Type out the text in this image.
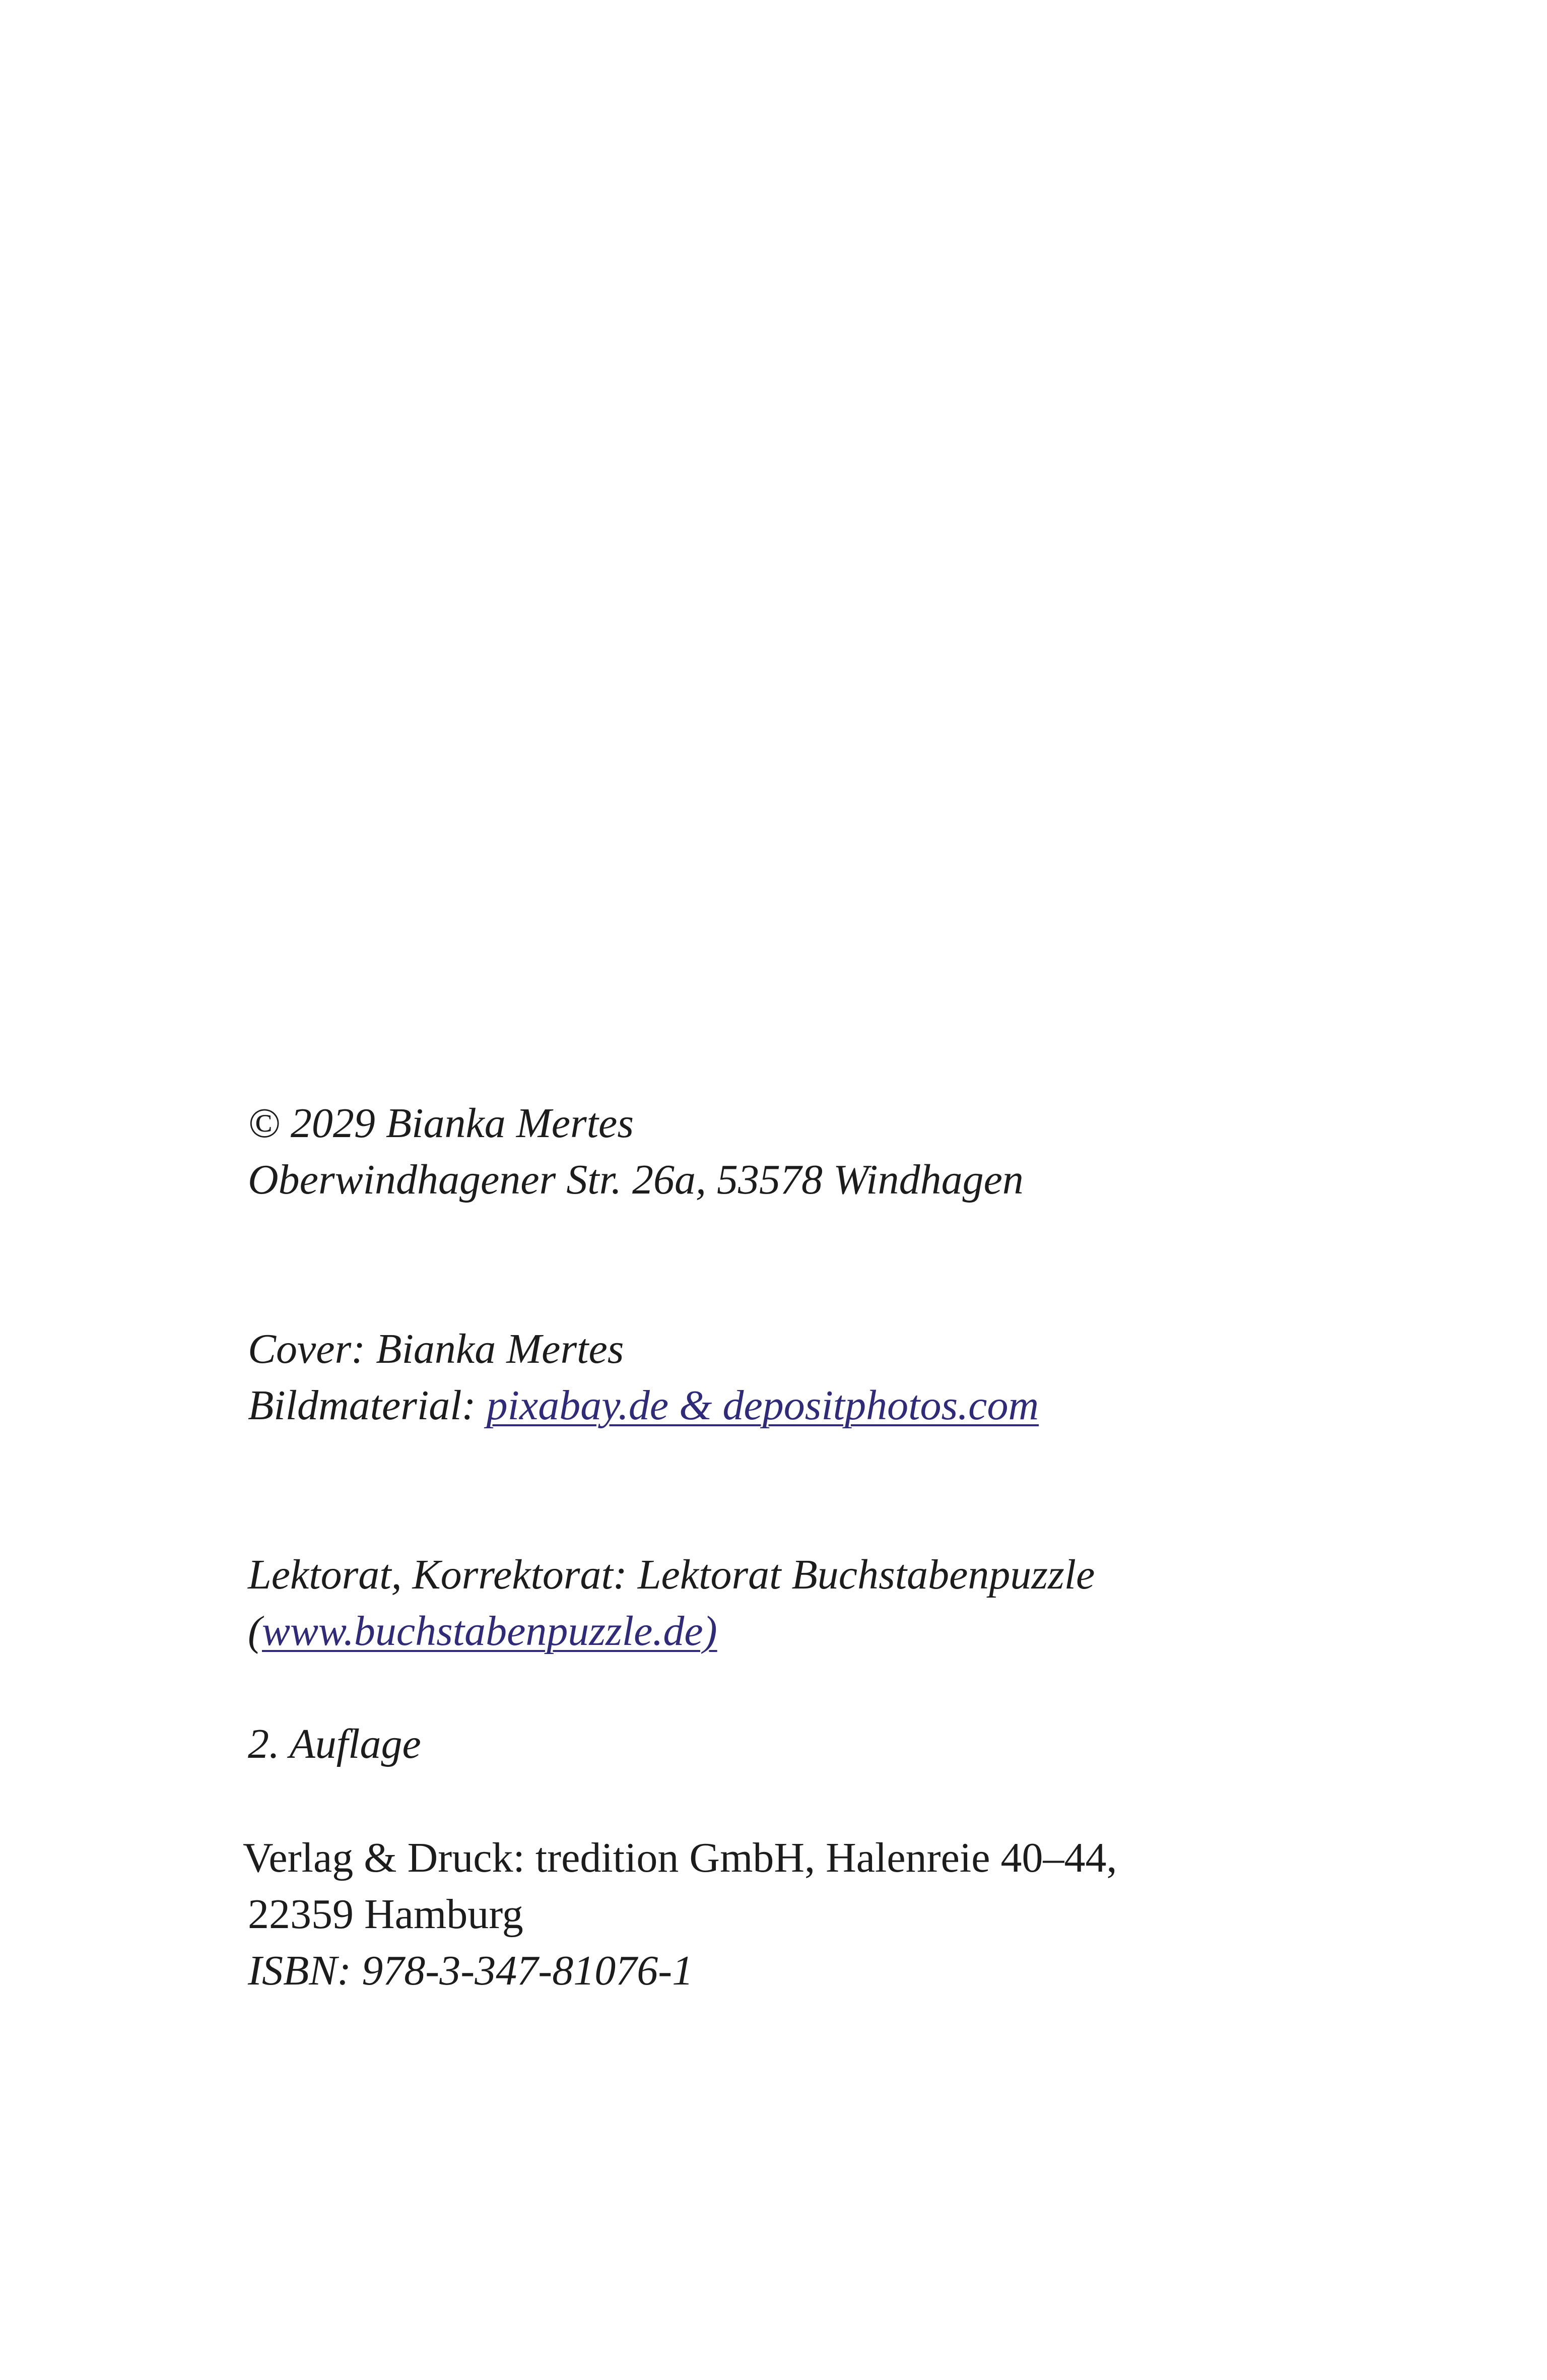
© 2029 Bianka Mertes
Oberwindhagener Str. 26a, 53578 Windhagen
Cover: Bianka Mertes
Bildmaterial: pixabay.de & depositphotos.com
Lektorat, Korrektorat: Lektorat Buchstabenpuzzle
(www.buchstabenpuzzle.de)
2. Auflage
Verlag & Druck: tredition GmbH, Halenreie 40–44,
22359 Hamburg
ISBN: 978-3-347-81076-1
